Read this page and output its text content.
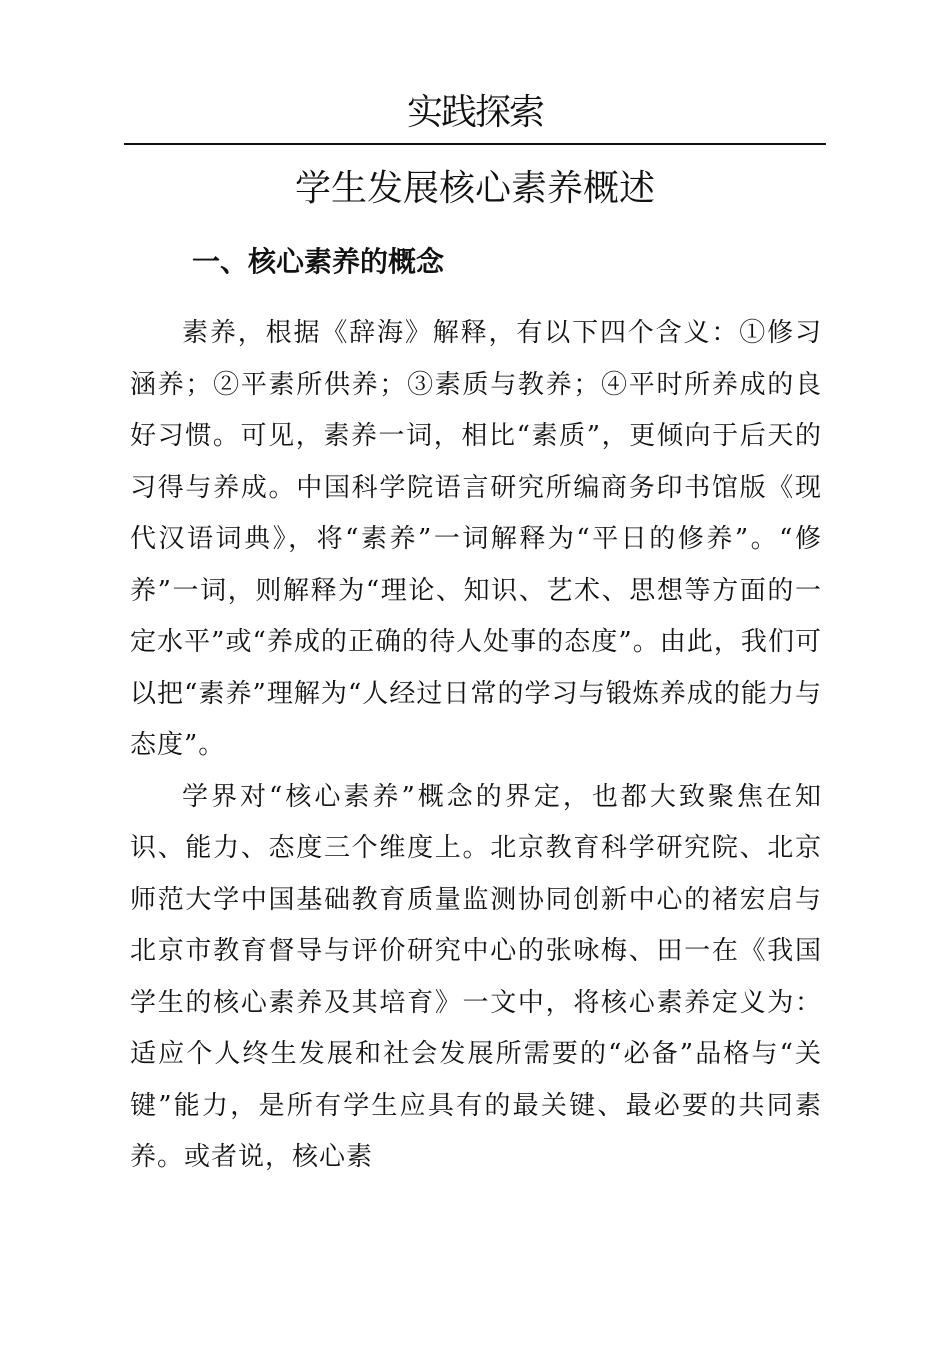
实践探索
学生发展核心素养概述
一、核心素养的概念

素养，根据《辞海》解释，有以下四个含义：①修习涵养；②平素所供养；③素质与教养；④平时所养成的良好习惯。可见，素养一词，相比“素质”，更倾向于后天的习得与养成。中国科学院语言研究所编商务印书馆版《现代汉语词典》，将“素养”一词解释为“平日的修养”。“修养”一词，则解释为“理论、知识、艺术、思想等方面的一定水平”或“养成的正确的待人处事的态度”。由此，我们可以把“素养”理解为“人经过日常的学习与锻炼养成的能力与态度”。

学界对“核心素养”概念的界定，也都大致聚焦在知识、能力、态度三个维度上。北京教育科学研究院、北京师范大学中国基础教育质量监测协同创新中心的褚宏启与北京市教育督导与评价研究中心的张咏梅、田一在《我国学生的核心素养及其培育》一文中，将核心素养定义为：适应个人终生发展和社会发展所需要的“必备”品格与“关键”能力，是所有学生应具有的最关键、最必要的共同素养。或者说，核心素
